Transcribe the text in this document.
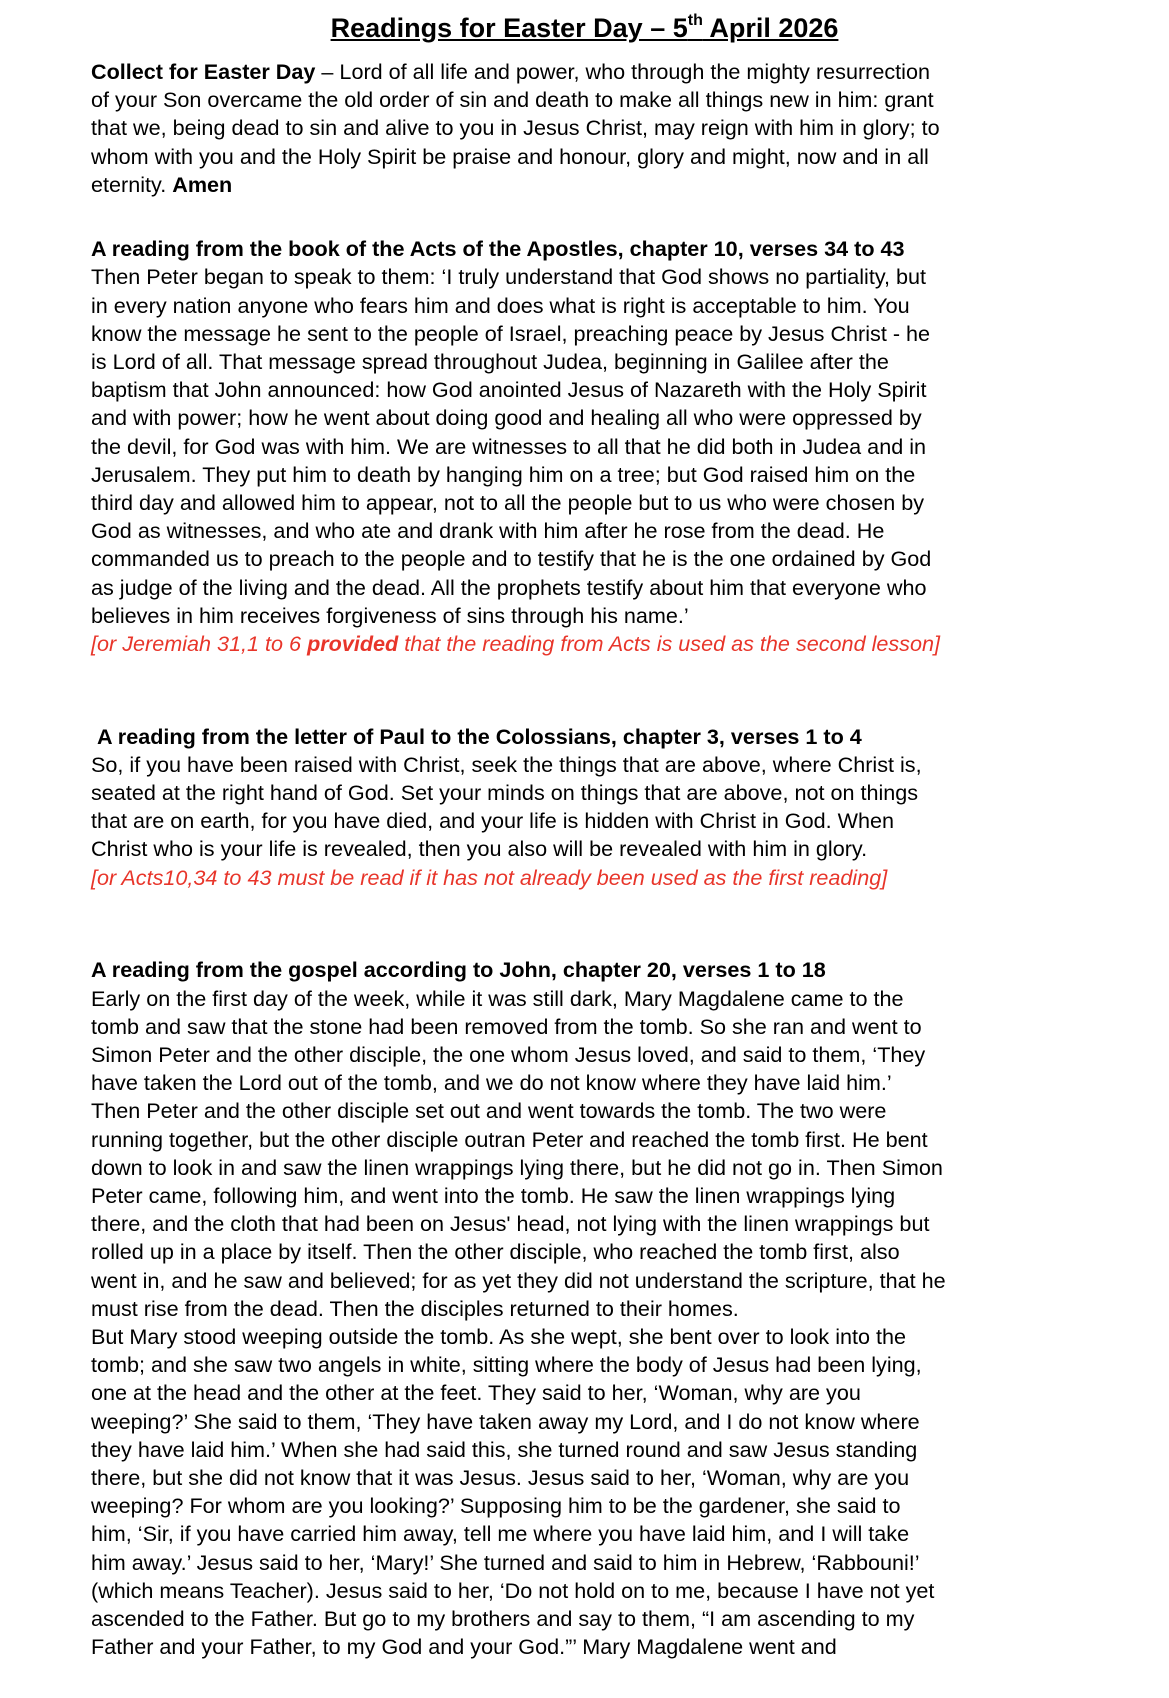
Readings for Easter Day – 5th April 2026
Collect for Easter Day – Lord of all life and power, who through the mighty resurrection
of your Son overcame the old order of sin and death to make all things new in him: grant
that we, being dead to sin and alive to you in Jesus Christ, may reign with him in glory; to
whom with you and the Holy Spirit be praise and honour, glory and might, now and in all
eternity. Amen

A reading from the book of the Acts of the Apostles, chapter 10, verses 34 to 43
Then Peter began to speak to them: ‘I truly understand that God shows no partiality, but
in every nation anyone who fears him and does what is right is acceptable to him. You
know the message he sent to the people of Israel, preaching peace by Jesus Christ - he
is Lord of all. That message spread throughout Judea, beginning in Galilee after the
baptism that John announced: how God anointed Jesus of Nazareth with the Holy Spirit
and with power; how he went about doing good and healing all who were oppressed by
the devil, for God was with him. We are witnesses to all that he did both in Judea and in
Jerusalem. They put him to death by hanging him on a tree; but God raised him on the
third day and allowed him to appear, not to all the people but to us who were chosen by
God as witnesses, and who ate and drank with him after he rose from the dead. He
commanded us to preach to the people and to testify that he is the one ordained by God
as judge of the living and the dead. All the prophets testify about him that everyone who
believes in him receives forgiveness of sins through his name.’
[or Jeremiah 31,1 to 6 provided that the reading from Acts is used as the second lesson]

A reading from the letter of Paul to the Colossians, chapter 3, verses 1 to 4
So, if you have been raised with Christ, seek the things that are above, where Christ is,
seated at the right hand of God. Set your minds on things that are above, not on things
that are on earth, for you have died, and your life is hidden with Christ in God. When
Christ who is your life is revealed, then you also will be revealed with him in glory.
[or Acts10,34 to 43 must be read if it has not already been used as the first reading]

A reading from the gospel according to John, chapter 20, verses 1 to 18
Early on the first day of the week, while it was still dark, Mary Magdalene came to the
tomb and saw that the stone had been removed from the tomb. So she ran and went to
Simon Peter and the other disciple, the one whom Jesus loved, and said to them, ‘They
have taken the Lord out of the tomb, and we do not know where they have laid him.’
Then Peter and the other disciple set out and went towards the tomb. The two were
running together, but the other disciple outran Peter and reached the tomb first. He bent
down to look in and saw the linen wrappings lying there, but he did not go in. Then Simon
Peter came, following him, and went into the tomb. He saw the linen wrappings lying
there, and the cloth that had been on Jesus' head, not lying with the linen wrappings but
rolled up in a place by itself. Then the other disciple, who reached the tomb first, also
went in, and he saw and believed; for as yet they did not understand the scripture, that he
must rise from the dead. Then the disciples returned to their homes.
But Mary stood weeping outside the tomb. As she wept, she bent over to look into the
tomb; and she saw two angels in white, sitting where the body of Jesus had been lying,
one at the head and the other at the feet. They said to her, ‘Woman, why are you
weeping?’ She said to them, ‘They have taken away my Lord, and I do not know where
they have laid him.’ When she had said this, she turned round and saw Jesus standing
there, but she did not know that it was Jesus. Jesus said to her, ‘Woman, why are you
weeping? For whom are you looking?’ Supposing him to be the gardener, she said to
him, ‘Sir, if you have carried him away, tell me where you have laid him, and I will take
him away.’ Jesus said to her, ‘Mary!’ She turned and said to him in Hebrew, ‘Rabbouni!’
(which means Teacher). Jesus said to her, ‘Do not hold on to me, because I have not yet
ascended to the Father. But go to my brothers and say to them, “I am ascending to my
Father and your Father, to my God and your God.”’ Mary Magdalene went and
